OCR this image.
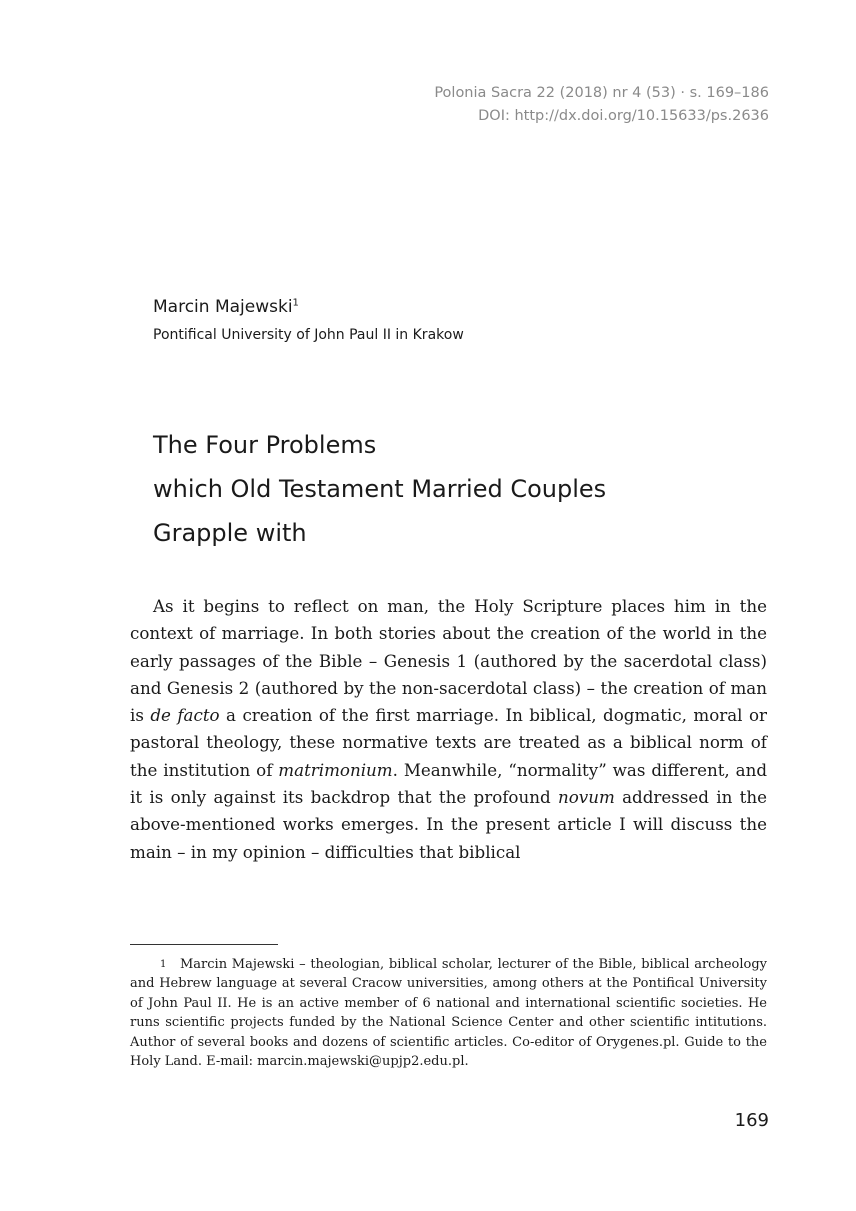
Polonia Sacra 22 (2018) nr 4 (53) · s. 169–186
DOI: http://dx.doi.org/10.15633/ps.2636
Marcin Majewski$^1$
Pontifical University of John Paul II in Krakow
The Four Problems
which Old Testament Married Couples
Grapple with

As it begins to reflect on man, the Holy Scripture places him in the context of marriage. In both stories about the creation of the world in the early passages of the Bible – Genesis 1 (authored by the sacerdotal class) and Genesis 2 (authored by the non-sacerdotal class) – the creation of man is de facto a creation of the first marriage. In biblical, dogmatic, moral or pastoral theology, these normative texts are treated as a biblical norm of the institution of matrimonium. Meanwhile, “normality” was different, and it is only against its backdrop that the profound novum addressed in the above-mentioned works emerges. In the present article I will discuss the main – in my opinion – difficulties that biblical

1	Marcin Majewski – theologian, biblical scholar, lecturer of the Bible, biblical archeology and Hebrew language at several Cracow universities, among others at the Pontifical University of John Paul II. He is an active member of 6 national and international scientific societies. He runs scientific projects funded by the National Science Center and other scientific intitutions. Author of several books and dozens of scientific articles. Co-editor of Orygenes.pl. Guide to the Holy Land. E-mail: marcin.majewski@upjp2.edu.pl.

169
